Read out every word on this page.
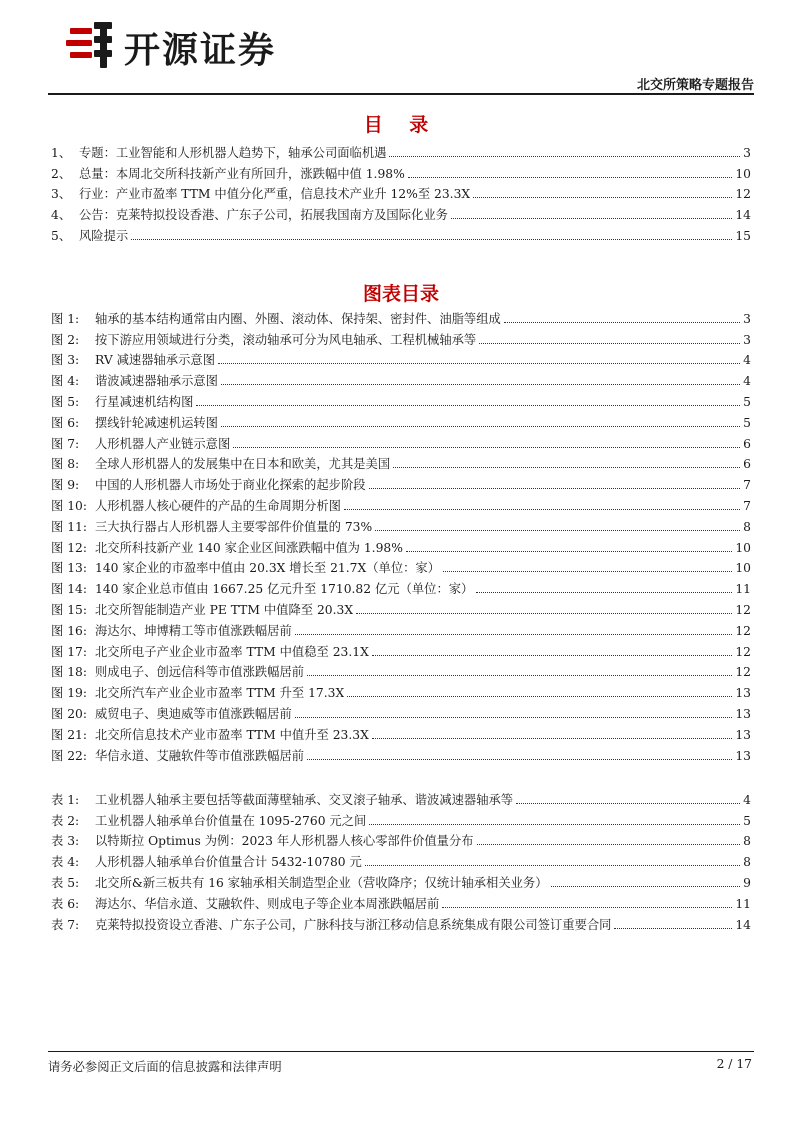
开源证券
北交所策略专题报告
目 录
1、 专题：工业智能和人形机器人趋势下，轴承公司面临机遇	3
2、 总量：本周北交所科技新产业有所回升，涨跌幅中值 1.98%	10
3、 行业：产业市盈率 TTM 中值分化严重，信息技术产业升 12%至 23.3X	12
4、 公告：克莱特拟投设香港、广东子公司，拓展我国南方及国际化业务	14
5、 风险提示	15
图表目录
图 1:	轴承的基本结构通常由内圈、外圈、滚动体、保持架、密封件、油脂等组成	3
图 2:	按下游应用领域进行分类，滚动轴承可分为风电轴承、工程机械轴承等	3
图 3:	RV 减速器轴承示意图	4
图 4:	谐波减速器轴承示意图	4
图 5:	行星减速机结构图	5
图 6:	摆线针轮减速机运转图	5
图 7:	人形机器人产业链示意图	6
图 8:	全球人形机器人的发展集中在日本和欧美，尤其是美国	6
图 9:	中国的人形机器人市场处于商业化探索的起步阶段	7
图 10: 人形机器人核心硬件的产品的生命周期分析图	7
图 11: 三大执行器占人形机器人主要零部件价值量的 73%	8
图 12: 北交所科技新产业 140 家企业区间涨跌幅中值为 1.98%	10
图 13: 140 家企业的市盈率中值由 20.3X 增长至 21.7X（单位：家）	10
图 14: 140 家企业总市值由 1667.25 亿元升至 1710.82 亿元（单位：家）	11
图 15: 北交所智能制造产业 PE TTM 中值降至 20.3X	12
图 16: 海达尔、坤博精工等市值涨跌幅居前	12
图 17: 北交所电子产业企业市盈率 TTM 中值稳至 23.1X	12
图 18: 则成电子、创远信科等市值涨跌幅居前	12
图 19: 北交所汽车产业企业市盈率 TTM 升至 17.3X	13
图 20: 威贸电子、奥迪威等市值涨跌幅居前	13
图 21: 北交所信息技术产业市盈率 TTM 中值升至 23.3X	13
图 22: 华信永道、艾融软件等市值涨跌幅居前	13
表 1:	工业机器人轴承主要包括等截面薄壁轴承、交叉滚子轴承、谐波减速器轴承等	4
表 2:	工业机器人轴承单台价值量在 1095-2760 元之间	5
表 3:	以特斯拉 Optimus 为例：2023 年人形机器人核心零部件价值量分布	8
表 4:	人形机器人轴承单台价值量合计 5432-10780 元	8
表 5:	北交所&新三板共有 16 家轴承相关制造型企业（营收降序；仅统计轴承相关业务）	9
表 6:	海达尔、华信永道、艾融软件、则成电子等企业本周涨跌幅居前	11
表 7:	克莱特拟投资设立香港、广东子公司，广脉科技与浙江移动信息系统集成有限公司签订重要合同	14
请务必参阅正文后面的信息披露和法律声明	2 / 17
